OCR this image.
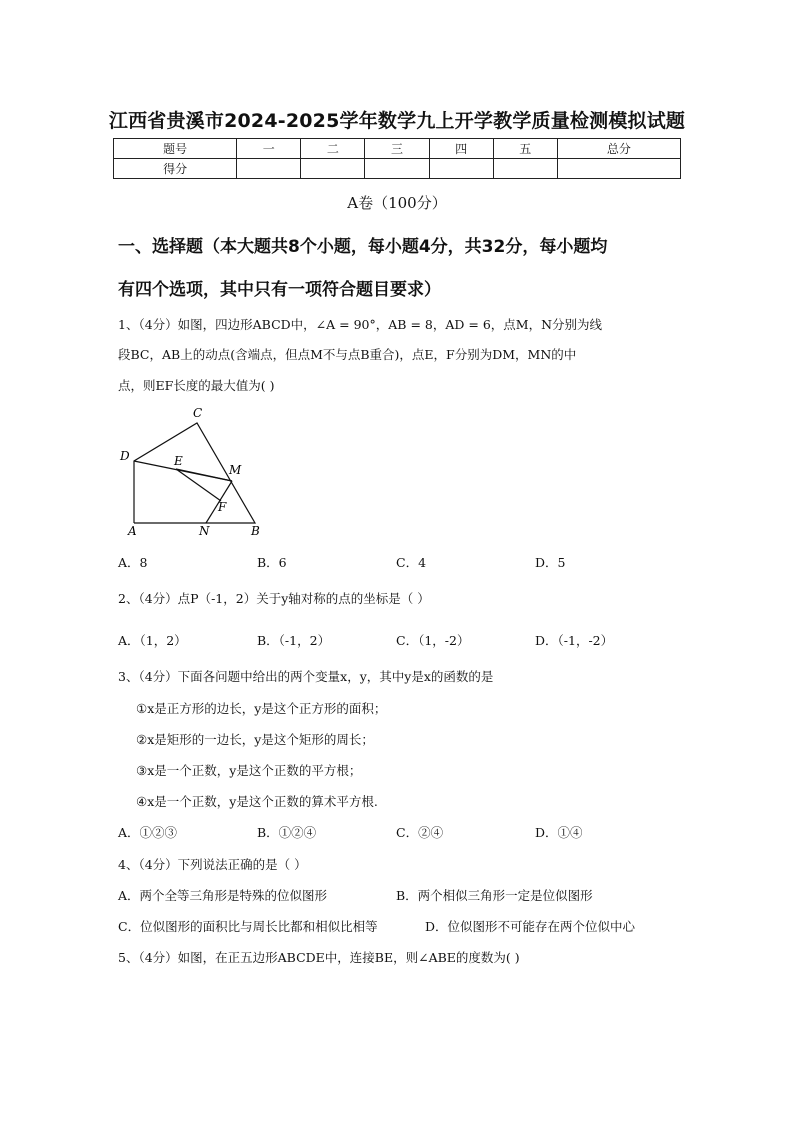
江西省贵溪市2024-2025学年数学九上开学教学质量检测模拟试题
题号	一	二	三	四	五	总分
得分						
A卷（100分）
一、选择题（本大题共8个小题，每小题4分，共32分，每小题均
有四个选项，其中只有一项符合题目要求）
1、（4分）如图，四边形ABCD中，∠A = 90°，AB = 8，AD = 6，点M，N分别为线
段BC，AB上的动点(含端点，但点M不与点B重合)，点E，F分别为DM，MN的中
点，则EF长度的最大值为( )
C
D	E
M
F
A	N	B
A．8	B．6	C．4	D．5
2、（4分）点P（-1，2）关于y轴对称的点的坐标是（ ）
A．（1，2）	B．（-1，2）	C．（1，-2）	D．（-1，-2）
3、（4分）下面各问题中给出的两个变量x，y，其中y是x的函数的是
①x是正方形的边长，y是这个正方形的面积；
②x是矩形的一边长，y是这个矩形的周长；
③x是一个正数，y是这个正数的平方根；
④x是一个正数，y是这个正数的算术平方根.
A．①②③	B．①②④	C．②④	D．①④
4、（4分）下列说法正确的是（ ）
A．两个全等三角形是特殊的位似图形	B．两个相似三角形一定是位似图形
C．位似图形的面积比与周长比都和相似比相等	D．位似图形不可能存在两个位似中心
5、（4分）如图，在正五边形ABCDE中，连接BE，则∠ABE的度数为( )
